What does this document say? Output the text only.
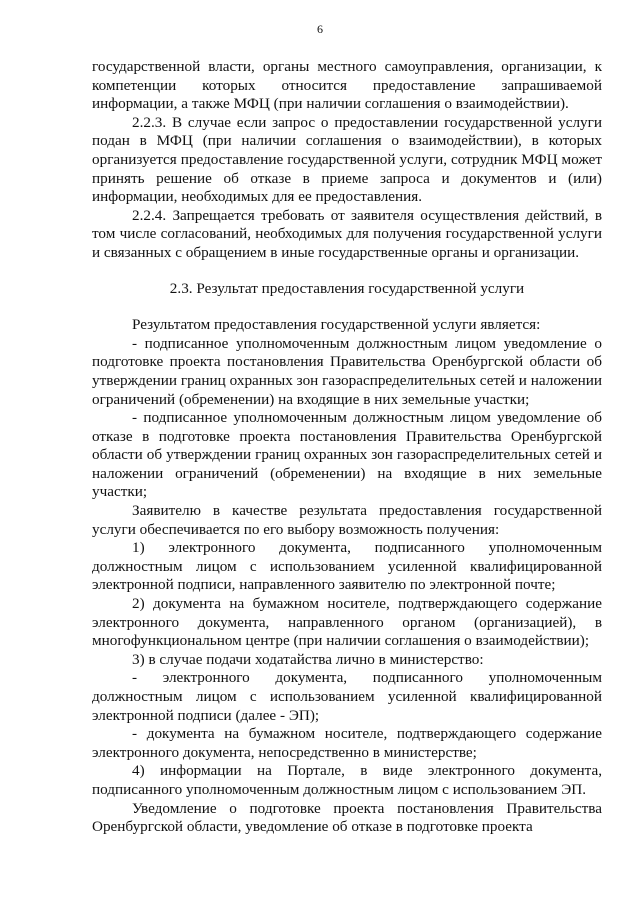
6

государственной власти, органы местного самоуправления, организации, к компетенции которых относится предоставление запрашиваемой информации, а также МФЦ (при наличии соглашения о взаимодействии).

2.2.3. В случае если запрос о предоставлении государственной услуги подан в МФЦ (при наличии соглашения о взаимодействии), в которых организуется предоставление государственной услуги, сотрудник МФЦ может принять решение об отказе в приеме запроса и документов и (или) информации, необходимых для ее предоставления.

2.2.4. Запрещается требовать от заявителя осуществления действий, в том числе согласований, необходимых для получения государственной услуги и связанных с обращением в иные государственные органы и организации.

2.3. Результат предоставления государственной услуги

Результатом предоставления государственной услуги является:

- подписанное уполномоченным должностным лицом уведомление о подготовке проекта постановления Правительства Оренбургской области об утверждении границ охранных зон газораспределительных сетей и наложении ограничений (обременении) на входящие в них земельные участки;

- подписанное уполномоченным должностным лицом уведомление об отказе в подготовке проекта постановления Правительства Оренбургской области об утверждении границ охранных зон газораспределительных сетей и наложении ограничений (обременении) на входящие в них земельные участки;

Заявителю в качестве результата предоставления государственной услуги обеспечивается по его выбору возможность получения:

1) электронного документа, подписанного уполномоченным должностным лицом с использованием усиленной квалифицированной электронной подписи, направленного заявителю по электронной почте;

2) документа на бумажном носителе, подтверждающего содержание электронного документа, направленного органом (организацией), в многофункциональном центре (при наличии соглашения о взаимодействии);

3) в случае подачи ходатайства лично в министерство:

- электронного документа, подписанного уполномоченным должностным лицом с использованием усиленной квалифицированной электронной подписи (далее - ЭП);

- документа на бумажном носителе, подтверждающего содержание электронного документа, непосредственно в министерстве;

4) информации на Портале, в виде электронного документа, подписанного уполномоченным должностным лицом с использованием ЭП.

Уведомление о подготовке проекта постановления Правительства Оренбургской области, уведомление об отказе в подготовке проекта
